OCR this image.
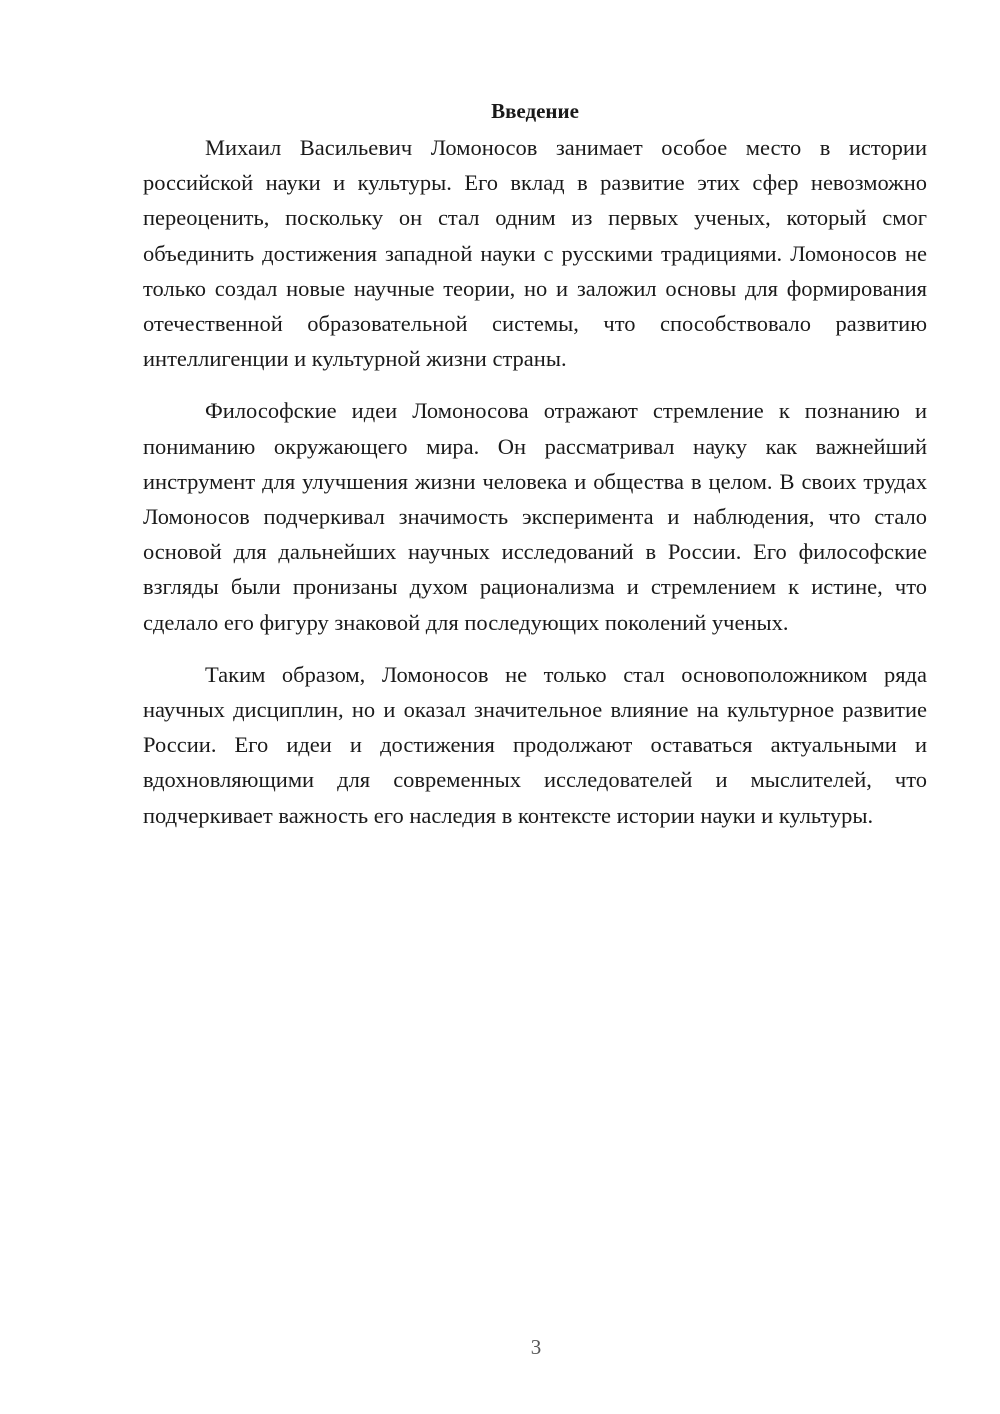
Введение

Михаил Васильевич Ломоносов занимает особое место в истории российской науки и культуры. Его вклад в развитие этих сфер невозможно переоценить, поскольку он стал одним из первых ученых, который смог объединить достижения западной науки с русскими традициями. Ломоносов не только создал новые научные теории, но и заложил основы для формирования отечественной образовательной системы, что способствовало развитию интеллигенции и культурной жизни страны.

Философские идеи Ломоносова отражают стремление к познанию и пониманию окружающего мира. Он рассматривал науку как важнейший инструмент для улучшения жизни человека и общества в целом. В своих трудах Ломоносов подчеркивал значимость эксперимента и наблюдения, что стало основой для дальнейших научных исследований в России. Его философские взгляды были пронизаны духом рационализма и стремлением к истине, что сделало его фигуру знаковой для последующих поколений ученых.

Таким образом, Ломоносов не только стал основоположником ряда научных дисциплин, но и оказал значительное влияние на культурное развитие России. Его идеи и достижения продолжают оставаться актуальными и вдохновляющими для современных исследователей и мыслителей, что подчеркивает важность его наследия в контексте истории науки и культуры.

3
